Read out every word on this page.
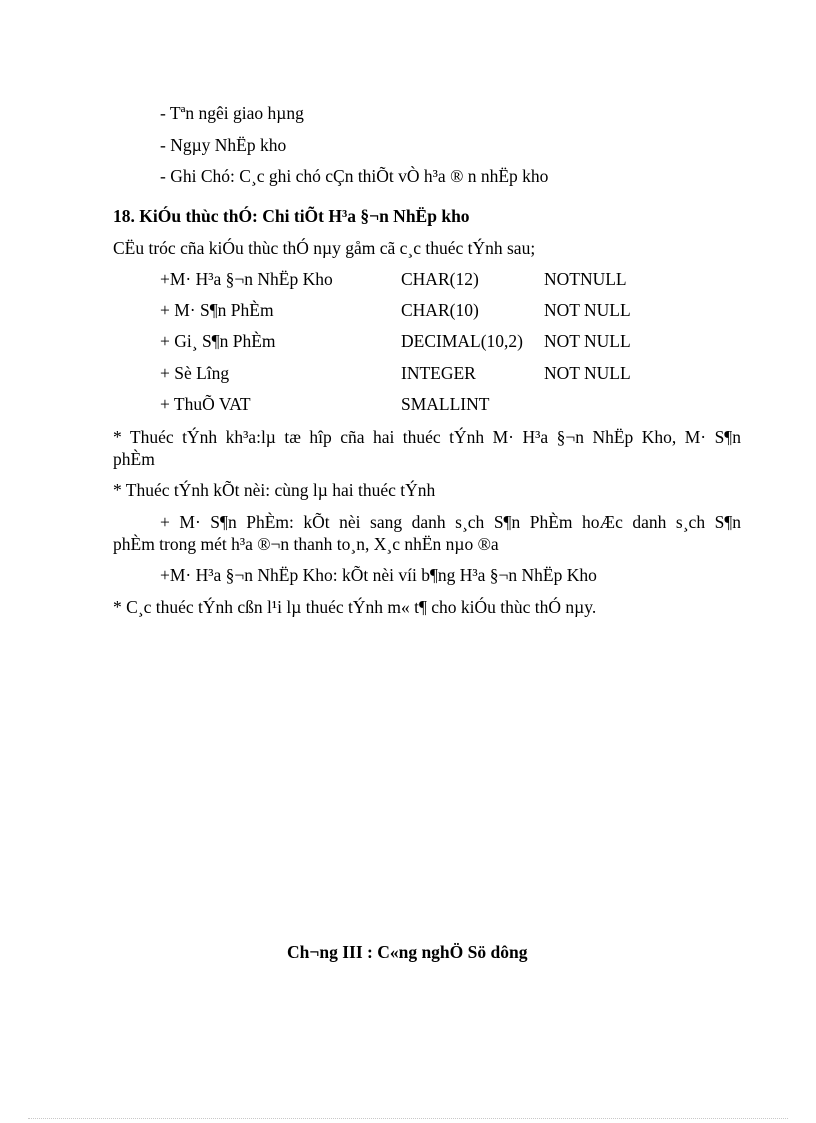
- Tªn ngêi giao hµng
- Ngµy NhËp kho
- Ghi Chó: C¸c ghi chó cÇn thiÕt vÒ h³a ® n nhËp kho
18. KiÓu thùc thÓ: Chi tiÕt H³a §¬n NhËp kho
CËu tróc cña kiÓu thùc thÓ nµy gåm cã c¸c thuéc tÝnh sau;
+M· H³a §¬n NhËp Kho	CHAR(12)	NOTNULL
+ M· S¶n PhÈm	CHAR(10)	NOT NULL
+ Gi¸ S¶n PhÈm	DECIMAL(10,2) NOT NULL
+ Sè Lîng	INTEGER	NOT NULL
+ ThuÕ VAT	SMALLINT
* Thuéc tÝnh kh³a:lµ tæ hîp cña hai thuéc tÝnh M· H³a §¬n NhËp Kho, M· S¶n
phÈm
* Thuéc tÝnh kÕt nèi: cùng lµ hai thuéc tÝnh
+ M· S¶n PhÈm: kÕt nèi sang danh s¸ch S¶n PhÈm hoÆc danh s¸ch S¶n
phÈm trong mét h³a ®¬n thanh to¸n, X¸c nhËn nµo ®a
+M· H³a §¬n NhËp Kho: kÕt nèi víi b¶ng H³a §¬n NhËp Kho
* C¸c thuéc tÝnh cßn l¹i lµ thuéc tÝnh m« t¶ cho kiÓu thùc thÓ nµy.
Ch¬ng III : C«ng nghÖ Sö dông
